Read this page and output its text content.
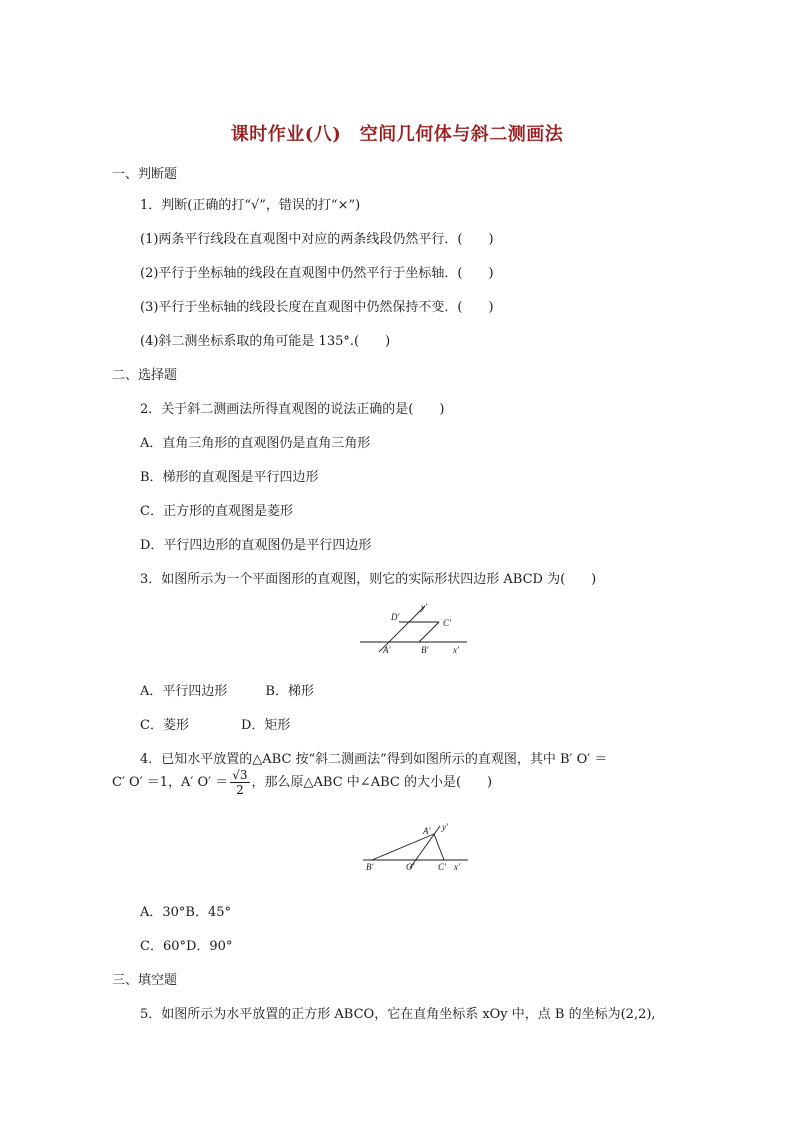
课时作业(八)　空间几何体与斜二测画法
一、判断题
1．判断(正确的打“√”，错误的打“×”)
(1)两条平行线段在直观图中对应的两条线段仍然平行．(　　)
(2)平行于坐标轴的线段在直观图中仍然平行于坐标轴．(　　)
(3)平行于坐标轴的线段长度在直观图中仍然保持不变．(　　)
(4)斜二测坐标系取的角可能是 135°.(　　)
二、选择题
2．关于斜二测画法所得直观图的说法正确的是(　　)
A．直角三角形的直观图仍是直角三角形
B．梯形的直观图是平行四边形
C．正方形的直观图是菱形
D．平行四边形的直观图仍是平行四边形
3．如图所示为一个平面图形的直观图，则它的实际形状四边形 ABCD 为(　　)
D′
y′
C′
A′	B′	x′
A．平行四边形	B．梯形
C．菱形	D．矩形
4．已知水平放置的△ABC 按“斜二测画法”得到如图所示的直观图，其中 B′ O′ ＝
C′ O′ ＝1，A′ $O' = \frac{√3}{2}$ ，那么原△ABC 中∠ABC 的大小是(　　)
A′ y′
B′	O′	C′ x′
A．30°B．45°
C．60°D．90°
三、填空题
5．如图所示为水平放置的正方形 ABCO，它在直角坐标系 xOy 中，点 B 的坐标为(2,2),
